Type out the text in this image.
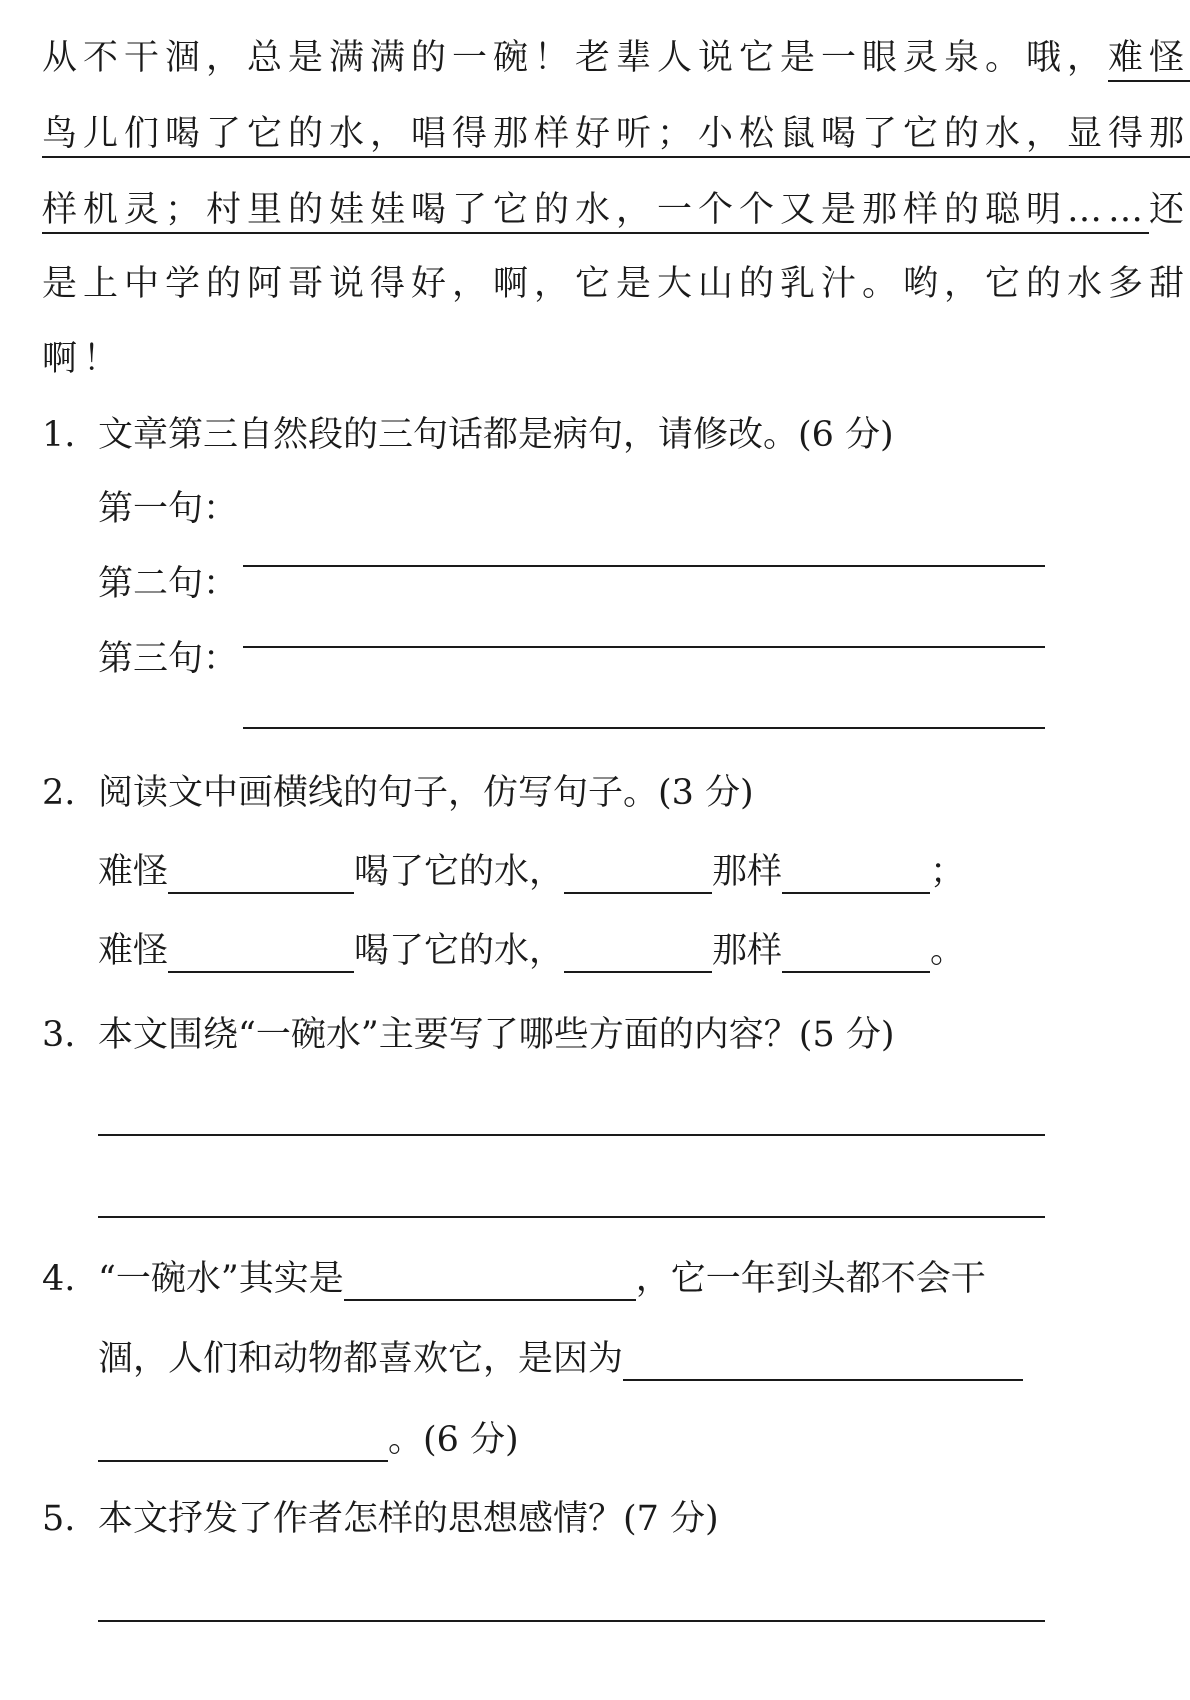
从不干涸，总是满满的一碗！老辈人说它是一眼灵泉。哦，难怪
鸟儿们喝了它的水，唱得那样好听；小松鼠喝了它的水，显得那
样机灵；村里的娃娃喝了它的水，一个个又是那样的聪明……还
是上中学的阿哥说得好，啊，它是大山的乳汁。哟，它的水多甜
啊！
1. 文章第三自然段的三句话都是病句，请修改。(6 分)
第一句：
第二句：
第三句：
2. 阅读文中画横线的句子，仿写句子。(3 分)
难怪	喝了它的水，	那样	；
难怪	喝了它的水，	那样	。
3. 本文围绕“一碗水”主要写了哪些方面的内容？(5 分)
4. “一碗水”其实是	，它一年到头都不会干
涸，人们和动物都喜欢它，是因为
。(6 分)
5. 本文抒发了作者怎样的思想感情？(7 分)
